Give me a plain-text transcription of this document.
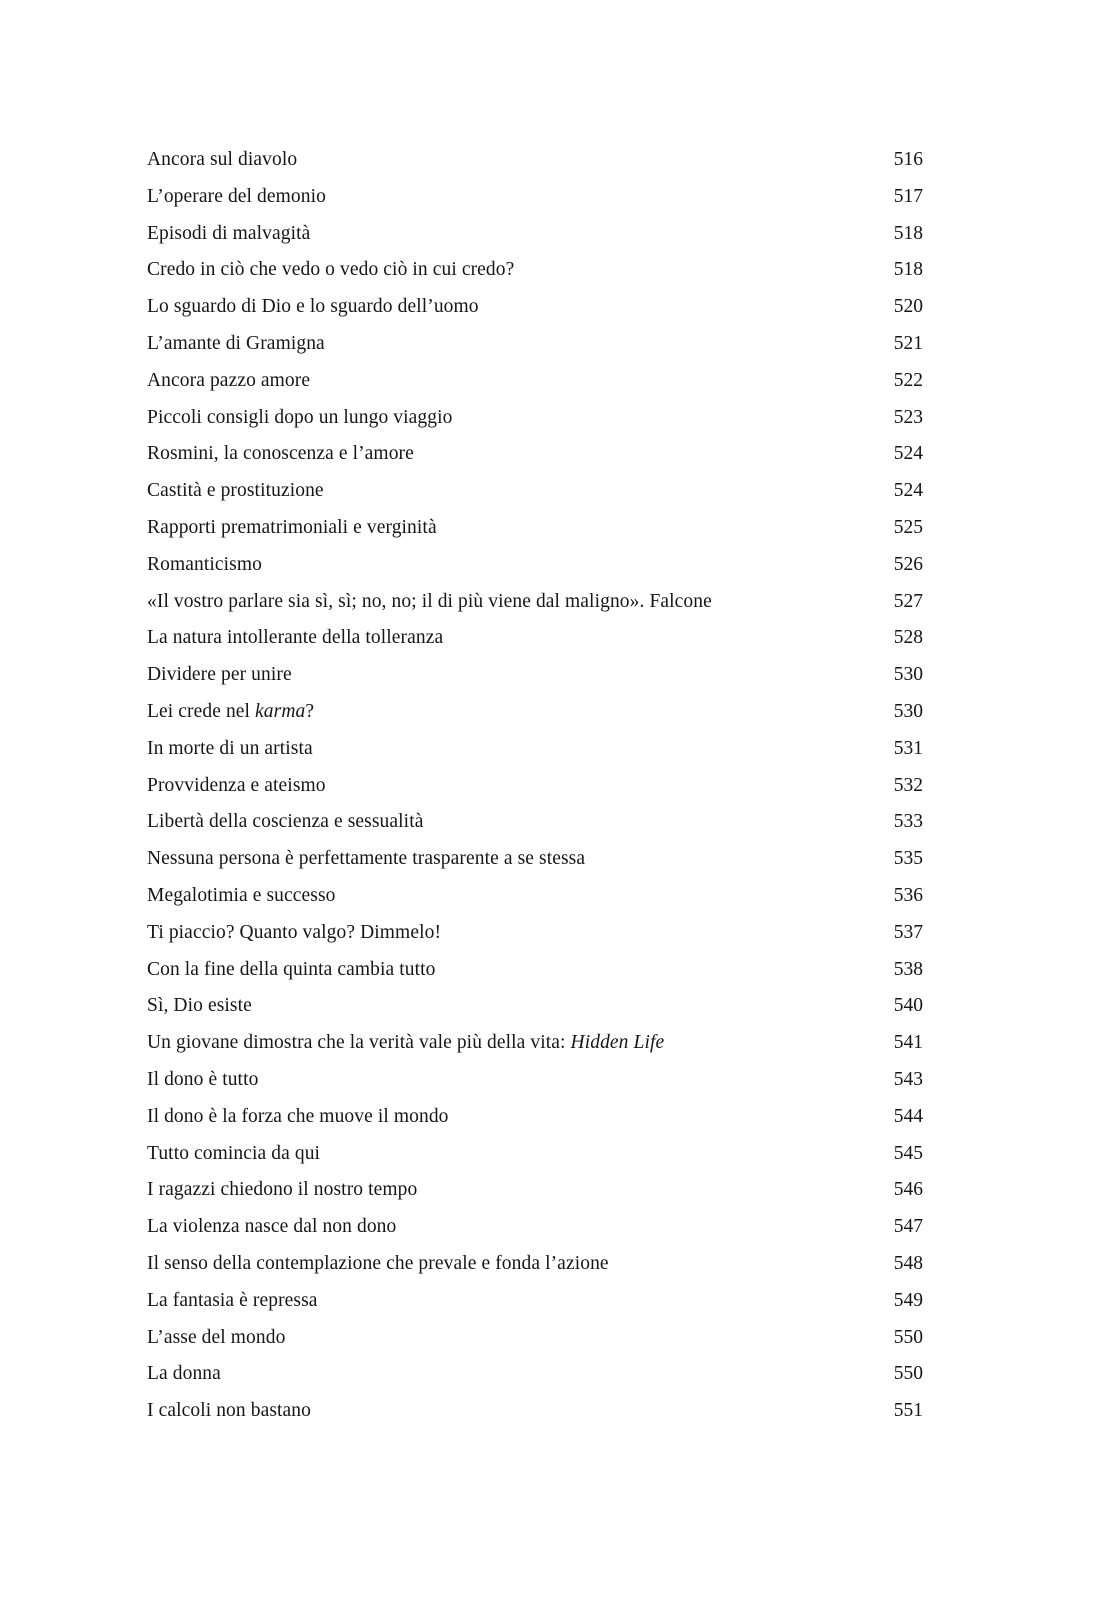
Ancora sul diavolo	516
L’operare del demonio	517
Episodi di malvagità	518
Credo in ciò che vedo o vedo ciò in cui credo?	518
Lo sguardo di Dio e lo sguardo dell’uomo	520
L’amante di Gramigna	521
Ancora pazzo amore	522
Piccoli consigli dopo un lungo viaggio	523
Rosmini, la conoscenza e l’amore	524
Castità e prostituzione	524
Rapporti prematrimoniali e verginità	525
Romanticismo	526
«Il vostro parlare sia sì, sì; no, no; il di più viene dal maligno». Falcone	527
La natura intollerante della tolleranza	528
Dividere per unire	530
Lei crede nel karma?	530
In morte di un artista	531
Provvidenza e ateismo	532
Libertà della coscienza e sessualità	533
Nessuna persona è perfettamente trasparente a se stessa	535
Megalotimia e successo	536
Ti piaccio? Quanto valgo? Dimmelo!	537
Con la fine della quinta cambia tutto	538
Sì, Dio esiste	540
Un giovane dimostra che la verità vale più della vita: Hidden Life	541
Il dono è tutto	543
Il dono è la forza che muove il mondo	544
Tutto comincia da qui	545
I ragazzi chiedono il nostro tempo	546
La violenza nasce dal non dono	547
Il senso della contemplazione che prevale e fonda l’azione	548
La fantasia è repressa	549
L’asse del mondo	550
La donna	550
I calcoli non bastano	551
